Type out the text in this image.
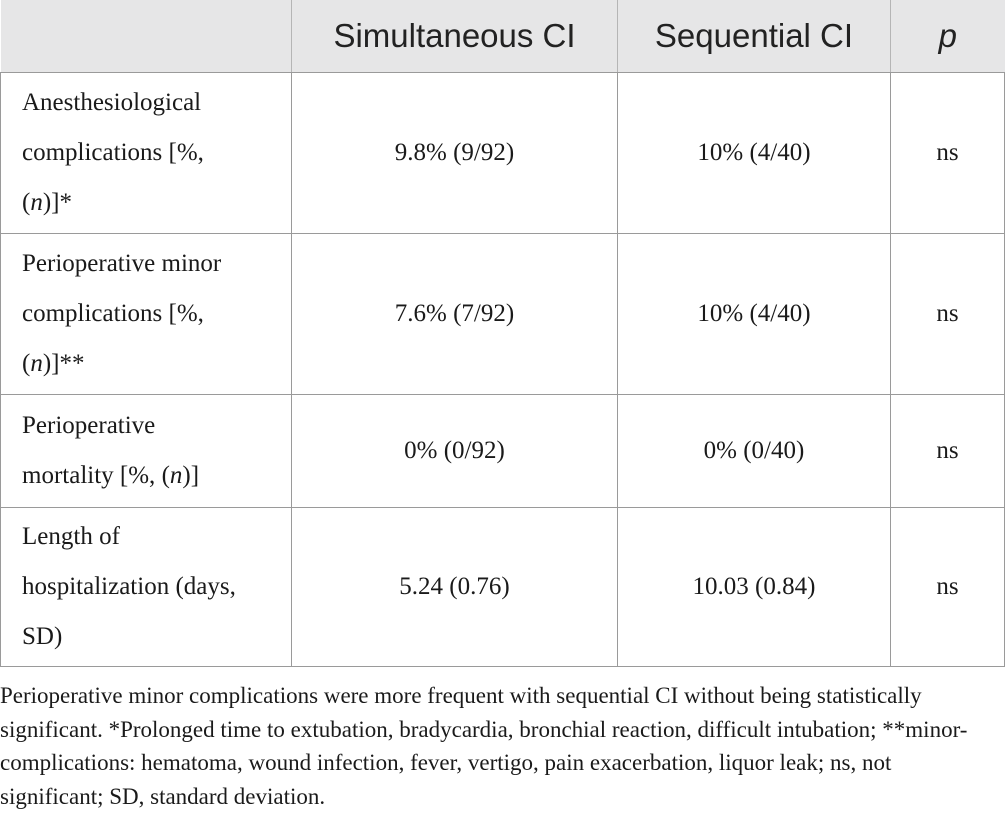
	Simultaneous CI	Sequential CI	p
Anesthesiological
complications [%,
(n)]*	9.8% (9/92)	10% (4/40)	ns
Perioperative minor
complications [%,
(n)]**	7.6% (7/92)	10% (4/40)	ns
Perioperative
mortality [%, (n)]	0% (0/92)	0% (0/40)	ns
Length of
hospitalization (days,
SD)	5.24 (0.76)	10.03 (0.84)	ns
Perioperative minor complications were more frequent with sequential CI without being statistically significant. *Prolonged time to extubation, bradycardia, bronchial reaction, difficult intubation; **minor-complications: hematoma, wound infection, fever, vertigo, pain exacerbation, liquor leak; ns, not significant; SD, standard deviation.
